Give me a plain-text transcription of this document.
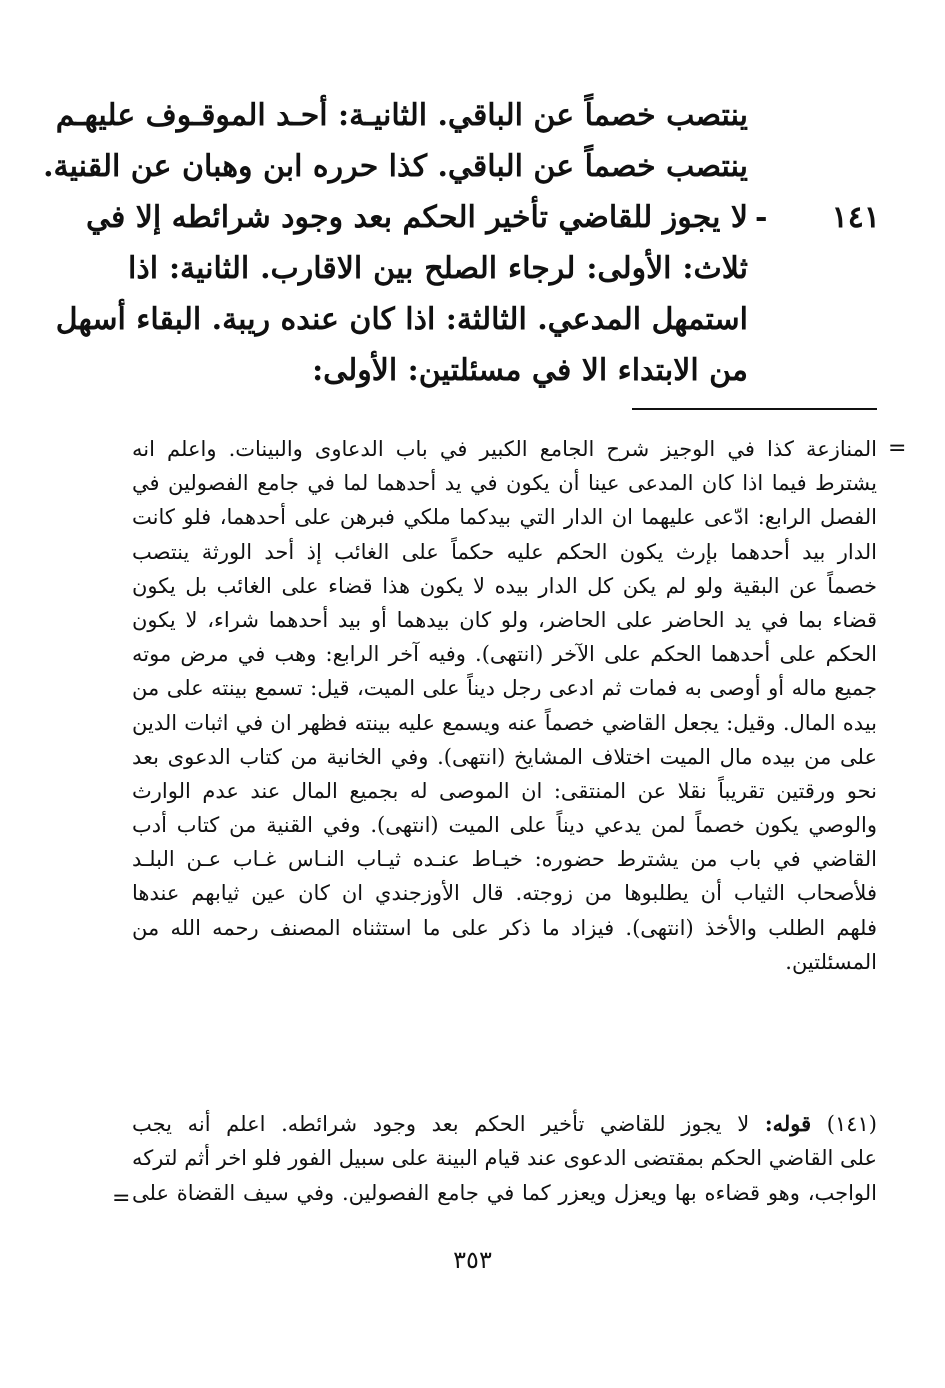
ينتصب خصماً عن الباقي. الثانيـة: أحـد الموقـوف عليهـم
ينتصب خصماً عن الباقي. كذا حرره ابن وهبان عن القنية.
١٤١ -
لا يجوز للقاضي تأخير الحكم بعد وجود شرائطه إلا في
ثلاث: الأولى: لرجاء الصلح بين الاقارب. الثانية: اذا
استمهل المدعي. الثالثة: اذا كان عنده ريبة. البقاء أسهل
من الابتداء الا في مسئلتين: الأولى:
=
المنازعة كذا في الوجيز شرح الجامع الكبير في باب الدعاوى والبينات. واعلم انه
يشترط فيما اذا كان المدعى عينا أن يكون في يد أحدهما لما في جامع الفصولين في
الفصل الرابع: ادّعى عليهما ان الدار التي بيدكما ملكي فبرهن على أحدهما، فلو كانت
الدار بيد أحدهما بإرث يكون الحكم عليه حكماً على الغائب إذ أحد الورثة ينتصب
خصماً عن البقية ولو لم يكن كل الدار بيده لا يكون هذا قضاء على الغائب بل يكون
قضاء بما في يد الحاضر على الحاضر، ولو كان بيدهما أو بيد أحدهما شراء، لا يكون
الحكم على أحدهما الحكم على الآخر (انتهى). وفيه آخر الرابع: وهب في مرض موته
جميع ماله أو أوصى به فمات ثم ادعى رجل ديناً على الميت، قيل: تسمع بينته على من
بيده المال. وقيل: يجعل القاضي خصماً عنه ويسمع عليه بينته فظهر ان في اثبات الدين
على من بيده مال الميت اختلاف المشايخ (انتهى). وفي الخانية من كتاب الدعوى بعد
نحو ورقتين تقريباً نقلا عن المنتقى: ان الموصى له بجميع المال عند عدم الوارث
والوصي يكون خصماً لمن يدعي ديناً على الميت (انتهى). وفي القنية من كتاب أدب
القاضي في باب من يشترط حضوره: خيـاط عنـده ثيـاب النـاس غـاب عـن البلـد
فلأصحاب الثياب أن يطلبوها من زوجته. قال الأوزجندي ان كان عين ثيابهم عندها
فلهم الطلب والأخذ (انتهى). فيزاد ما ذكر على ما استثناه المصنف رحمه الله من
المسئلتين.
(١٤١) قوله: لا يجوز للقاضي تأخير الحكم بعد وجود شرائطه. اعلم أنه يجب
على القاضي الحكم بمقتضى الدعوى عند قيام البينة على سبيل الفور فلو اخر أثم لتركه
الواجب، وهو قضاءه بها ويعزل ويعزر كما في جامع الفصولين. وفي سيف القضاة على
=
٣٥٣
